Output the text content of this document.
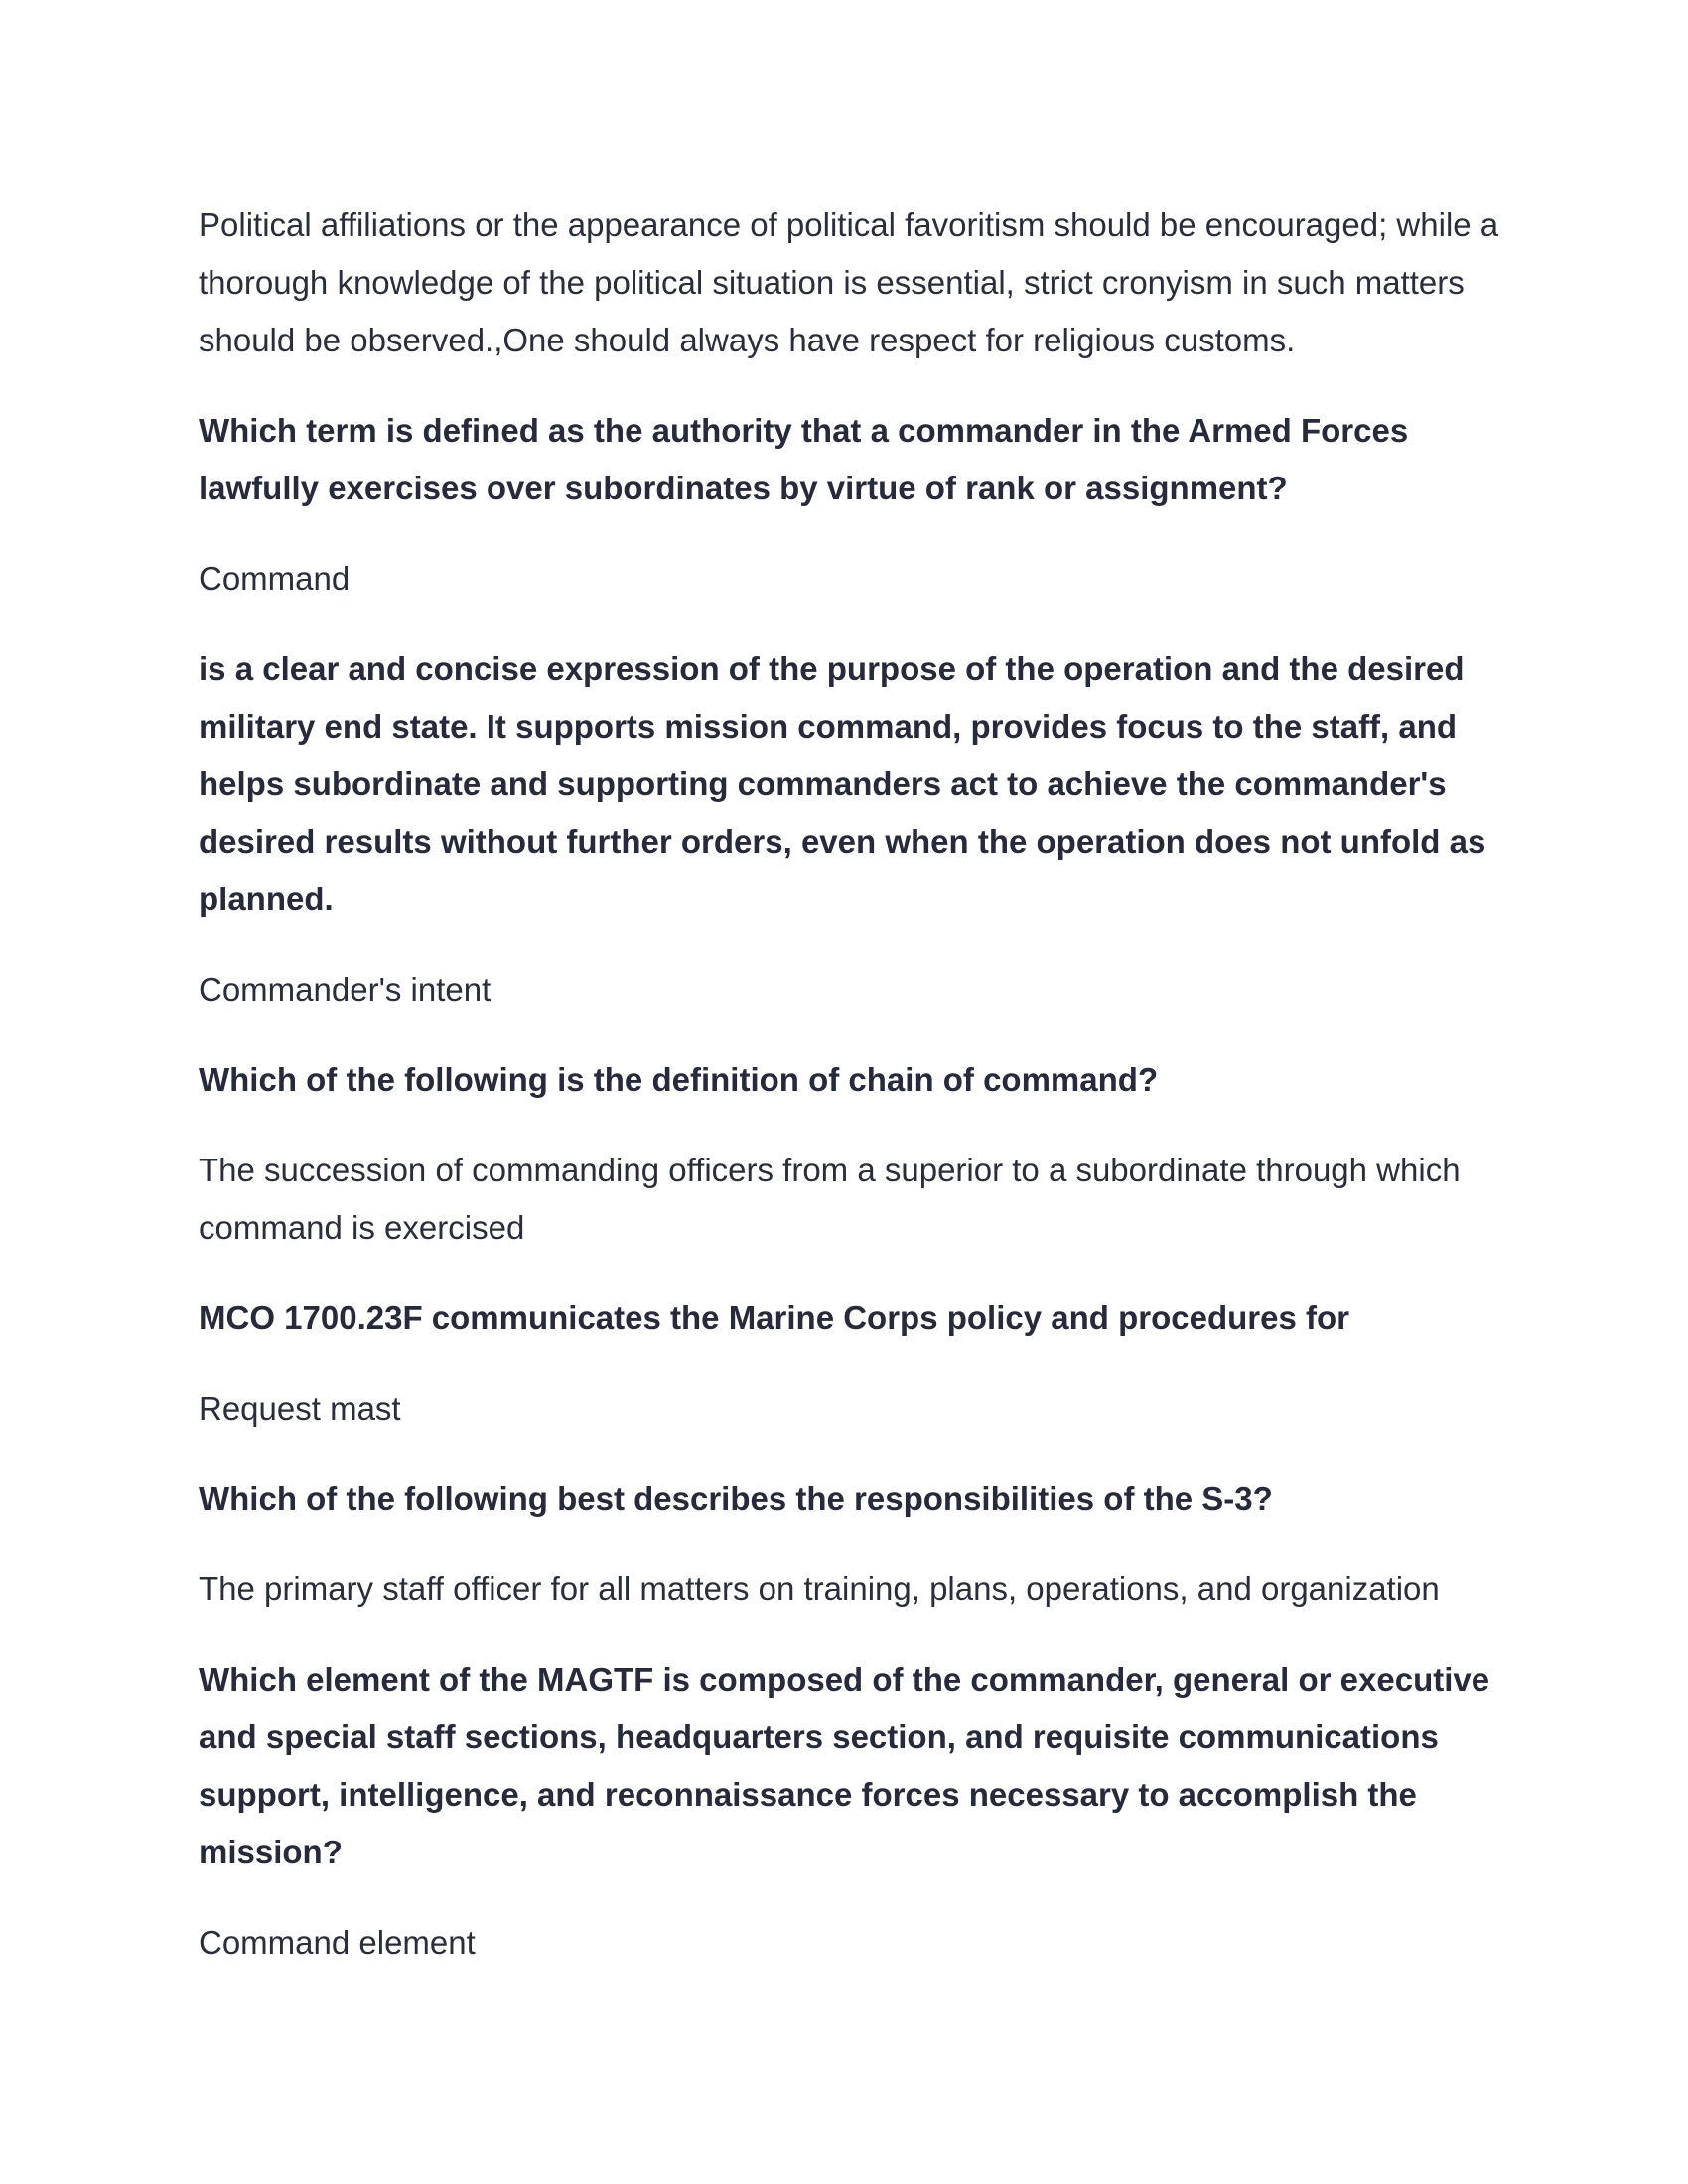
Political affiliations or the appearance of political favoritism should be encouraged; while a thorough knowledge of the political situation is essential, strict cronyism in such matters should be observed.,One should always have respect for religious customs.

Which term is defined as the authority that a commander in the Armed Forces lawfully exercises over subordinates by virtue of rank or assignment?

Command

is a clear and concise expression of the purpose of the operation and the desired military end state. It supports mission command, provides focus to the staff, and helps subordinate and supporting commanders act to achieve the commander's desired results without further orders, even when the operation does not unfold as planned.

Commander's intent

Which of the following is the definition of chain of command?

The succession of commanding officers from a superior to a subordinate through which command is exercised

MCO 1700.23F communicates the Marine Corps policy and procedures for

Request mast

Which of the following best describes the responsibilities of the S-3?

The primary staff officer for all matters on training, plans, operations, and organization

Which element of the MAGTF is composed of the commander, general or executive and special staff sections, headquarters section, and requisite communications support, intelligence, and reconnaissance forces necessary to accomplish the mission?

Command element
